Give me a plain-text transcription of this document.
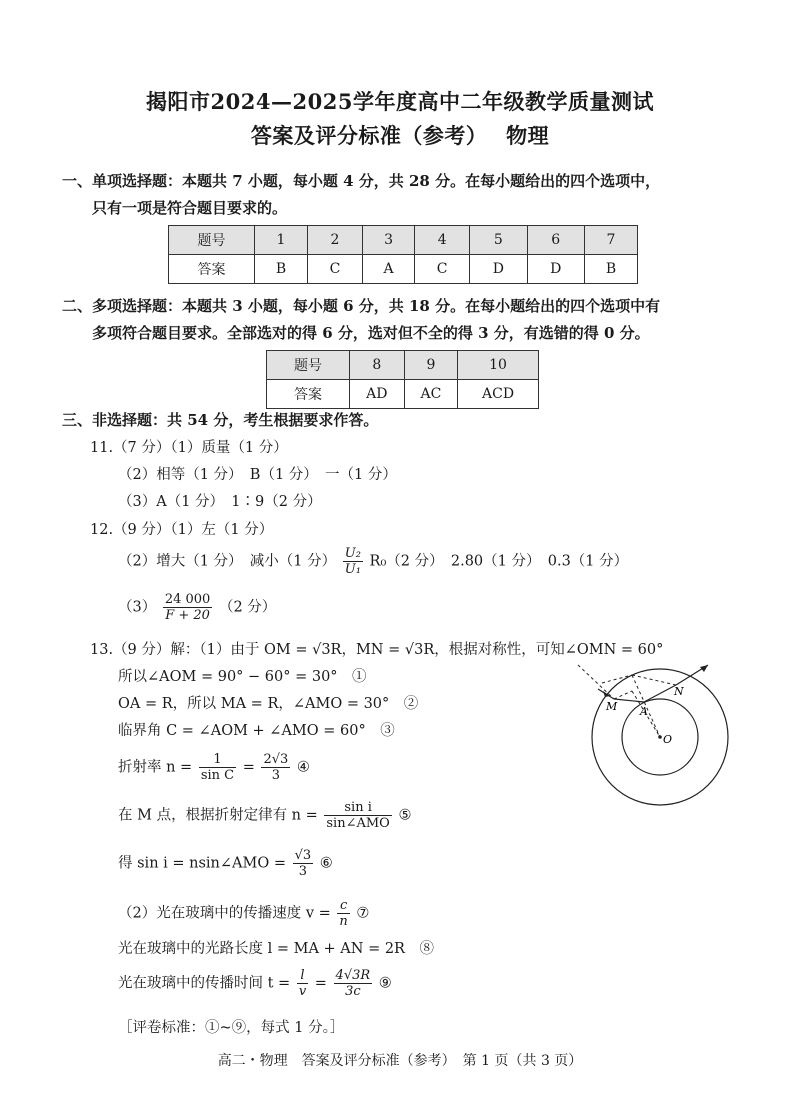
揭阳市2024—2025学年度高中二年级教学质量测试
答案及评分标准（参考）　 物理
一、单项选择题：本题共 7 小题，每小题 4 分，共 28 分。在每小题给出的四个选项中，
只有一项是符合题目要求的。
题号	1	2	3	4	5	6	7
答案	B	C	A	C	D	D	B
二、多项选择题：本题共 3 小题，每小题 6 分，共 18 分。在每小题给出的四个选项中有
多项符合题目要求。全部选对的得 6 分，选对但不全的得 3 分，有选错的得 0 分。
题号	8	9	10
答案	AD	AC	ACD
三、非选择题：共 54 分，考生根据要求作答。
11.（7 分）（1）质量（1 分）
（2）相等（1 分）　B（1 分）　一（1 分）
（3）A（1 分）　1∶9（2 分）
12.（9 分）（1）左（1 分）
（2）增大（1 分）　减小（1 分） $\frac{\text{U₂}}{\text{U₁}} R_0(2$ 分）　2.80（1 分）　0.3（1 分）
$(3) \frac{24 000}{F + 20} (2$ 分）
13.（9 分）解：（1）由于 OM = √3R，MN = √3R，根据对称性，可知∠OMN = 60°
所以∠AOM = 90° − 60° = 30°　①
OA = R，所以 MA = R，∠AMO = 30°　②
临界角 C = ∠AOM + ∠AMO = 60°　③
折射率 $n = \frac{1}{\text{sin C}} = \frac{2√3}{3}$ ④
在 M 点，根据折射定律有 $n = \frac{\text{sin i}}{\text{sin∠AMO}}$ ⑤
得 sin i = nsin∠AMO = $\frac{√3}{3}$ ⑥
（2）光在玻璃中的传播速度 $v = \frac{c}{n}$ ⑦
光在玻璃中的光路长度 l = MA + AN = 2R　⑧
光在玻璃中的传播时间 $t = \frac{l}{v} = \frac{4√3R}{3c}$ ⑨
［评卷标准：①~⑨，每式 1 分。］
M A
N
O
高二・物理　答案及评分标准（参考）　第 1 页（共 3 页）
